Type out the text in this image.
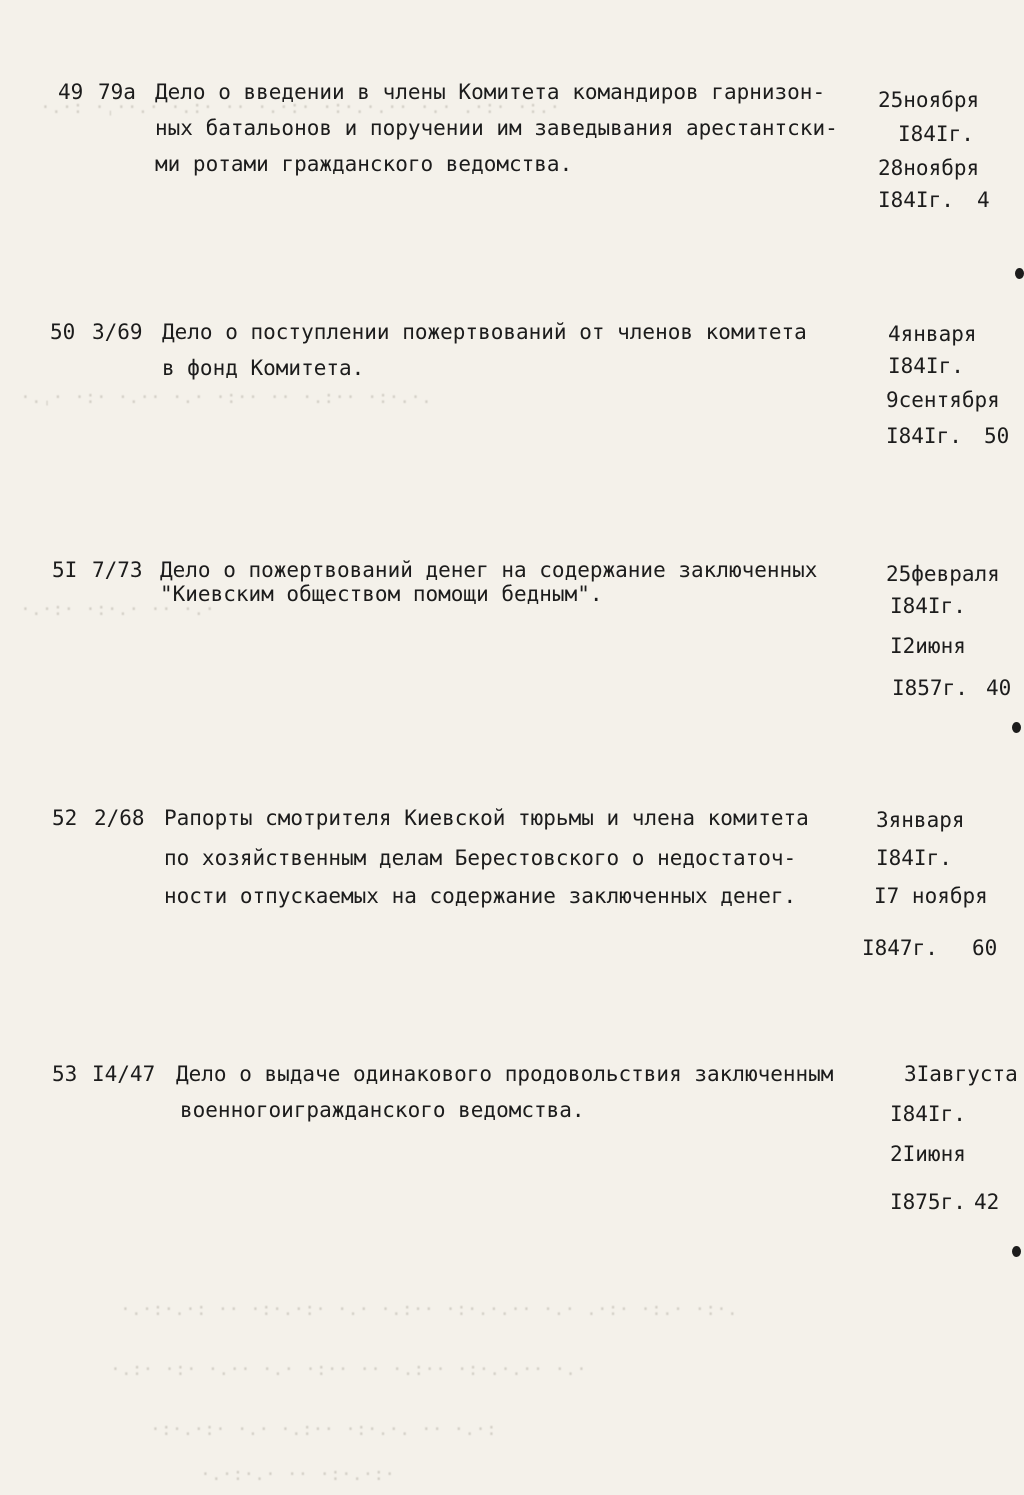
·.·: ·ˌ··.· ·.:· ·· ·.·:· ·:·.·.·· ·.· .·:· ·:.·
·.ˌ· ·:· ·.·· ·.· ·:·· ·· ·.:·· ·:·.·.
·.·:· ·:·.· ·· ·.·
·.·:·.·: ·· ·:·.·:· ·.· ·.:·· ·:·.·.·· ·.· .·:· ·:.· ·:·.
·.:· ·:· ·.·· ·.· ·:·· ·· ·.:·· ·:·.·.·· ·.·
·:·.·:· ·.· ·.:·· ·:·.·. ·· ·.·:
·.·:·.· ·· ·:·.·:·
49 79а Дело о введении в члены Комитета командиров гарнизон-
ных батальонов и поручении им заведывания арестантски-
ми ротами гражданского ведомства.
25ноября
I84Iг.
28ноября
I84Iг. 4
50 3/69 Дело о поступлении пожертвований от членов комитета
в фонд Комитета.
4января
I84Iг.
9сентября
I84Iг. 50
5I 7/73 Дело о пожертвований денег на содержание заключенных
"Киевским обществом помощи бедным".
25февраля
I84Iг.
I2июня
I857г. 40
52 2/68 Рапорты смотрителя Киевской тюрьмы и члена комитета
по хозяйственным делам Берестовского о недостаточ-
ности отпускаемых на содержание заключенных денег.
3января
I84Iг.
I7 ноября
I847г. 60
53 I4/47 Дело о выдаче одинакового продовольствия заключенным
военногоигражданского ведомства.
3Iавгуста
I84Iг.
2Iиюня
I875г. 42
